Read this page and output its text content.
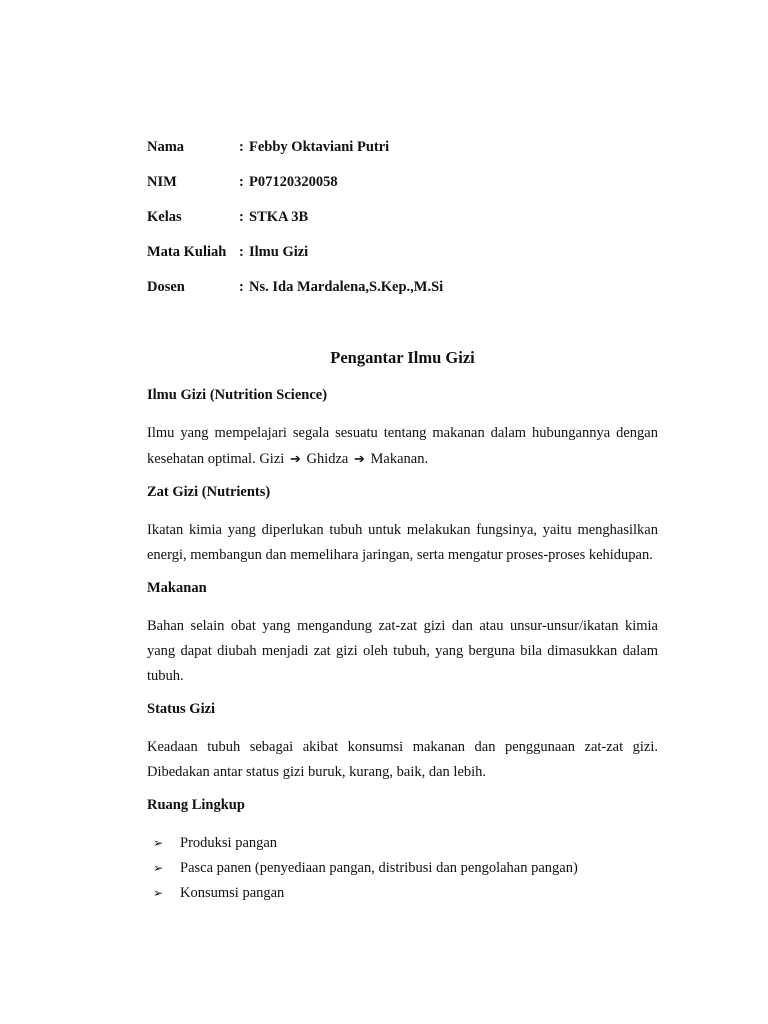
Nama	: Febby Oktaviani Putri
NIM	: P07120320058
Kelas	: STKA 3B
Mata Kuliah : Ilmu Gizi
Dosen	: Ns. Ida Mardalena,S.Kep.,M.Si
Pengantar Ilmu Gizi
Ilmu Gizi (Nutrition Science)

Ilmu yang mempelajari segala sesuatu tentang makanan dalam hubungannya dengan kesehatan optimal. Gizi ➔ Ghidza ➔ Makanan.

Zat Gizi (Nutrients)

Ikatan kimia yang diperlukan tubuh untuk melakukan fungsinya, yaitu menghasilkan energi, membangun dan memelihara jaringan, serta mengatur proses-proses kehidupan.

Makanan

Bahan selain obat yang mengandung zat-zat gizi dan atau unsur-unsur/ikatan kimia yang dapat diubah menjadi zat gizi oleh tubuh, yang berguna bila dimasukkan dalam tubuh.

Status Gizi

Keadaan tubuh sebagai akibat konsumsi makanan dan penggunaan zat-zat gizi. Dibedakan antar status gizi buruk, kurang, baik, dan lebih.

Ruang Lingkup
➢	Produksi pangan
➢	Pasca panen (penyediaan pangan, distribusi dan pengolahan pangan)
➢	Konsumsi pangan
